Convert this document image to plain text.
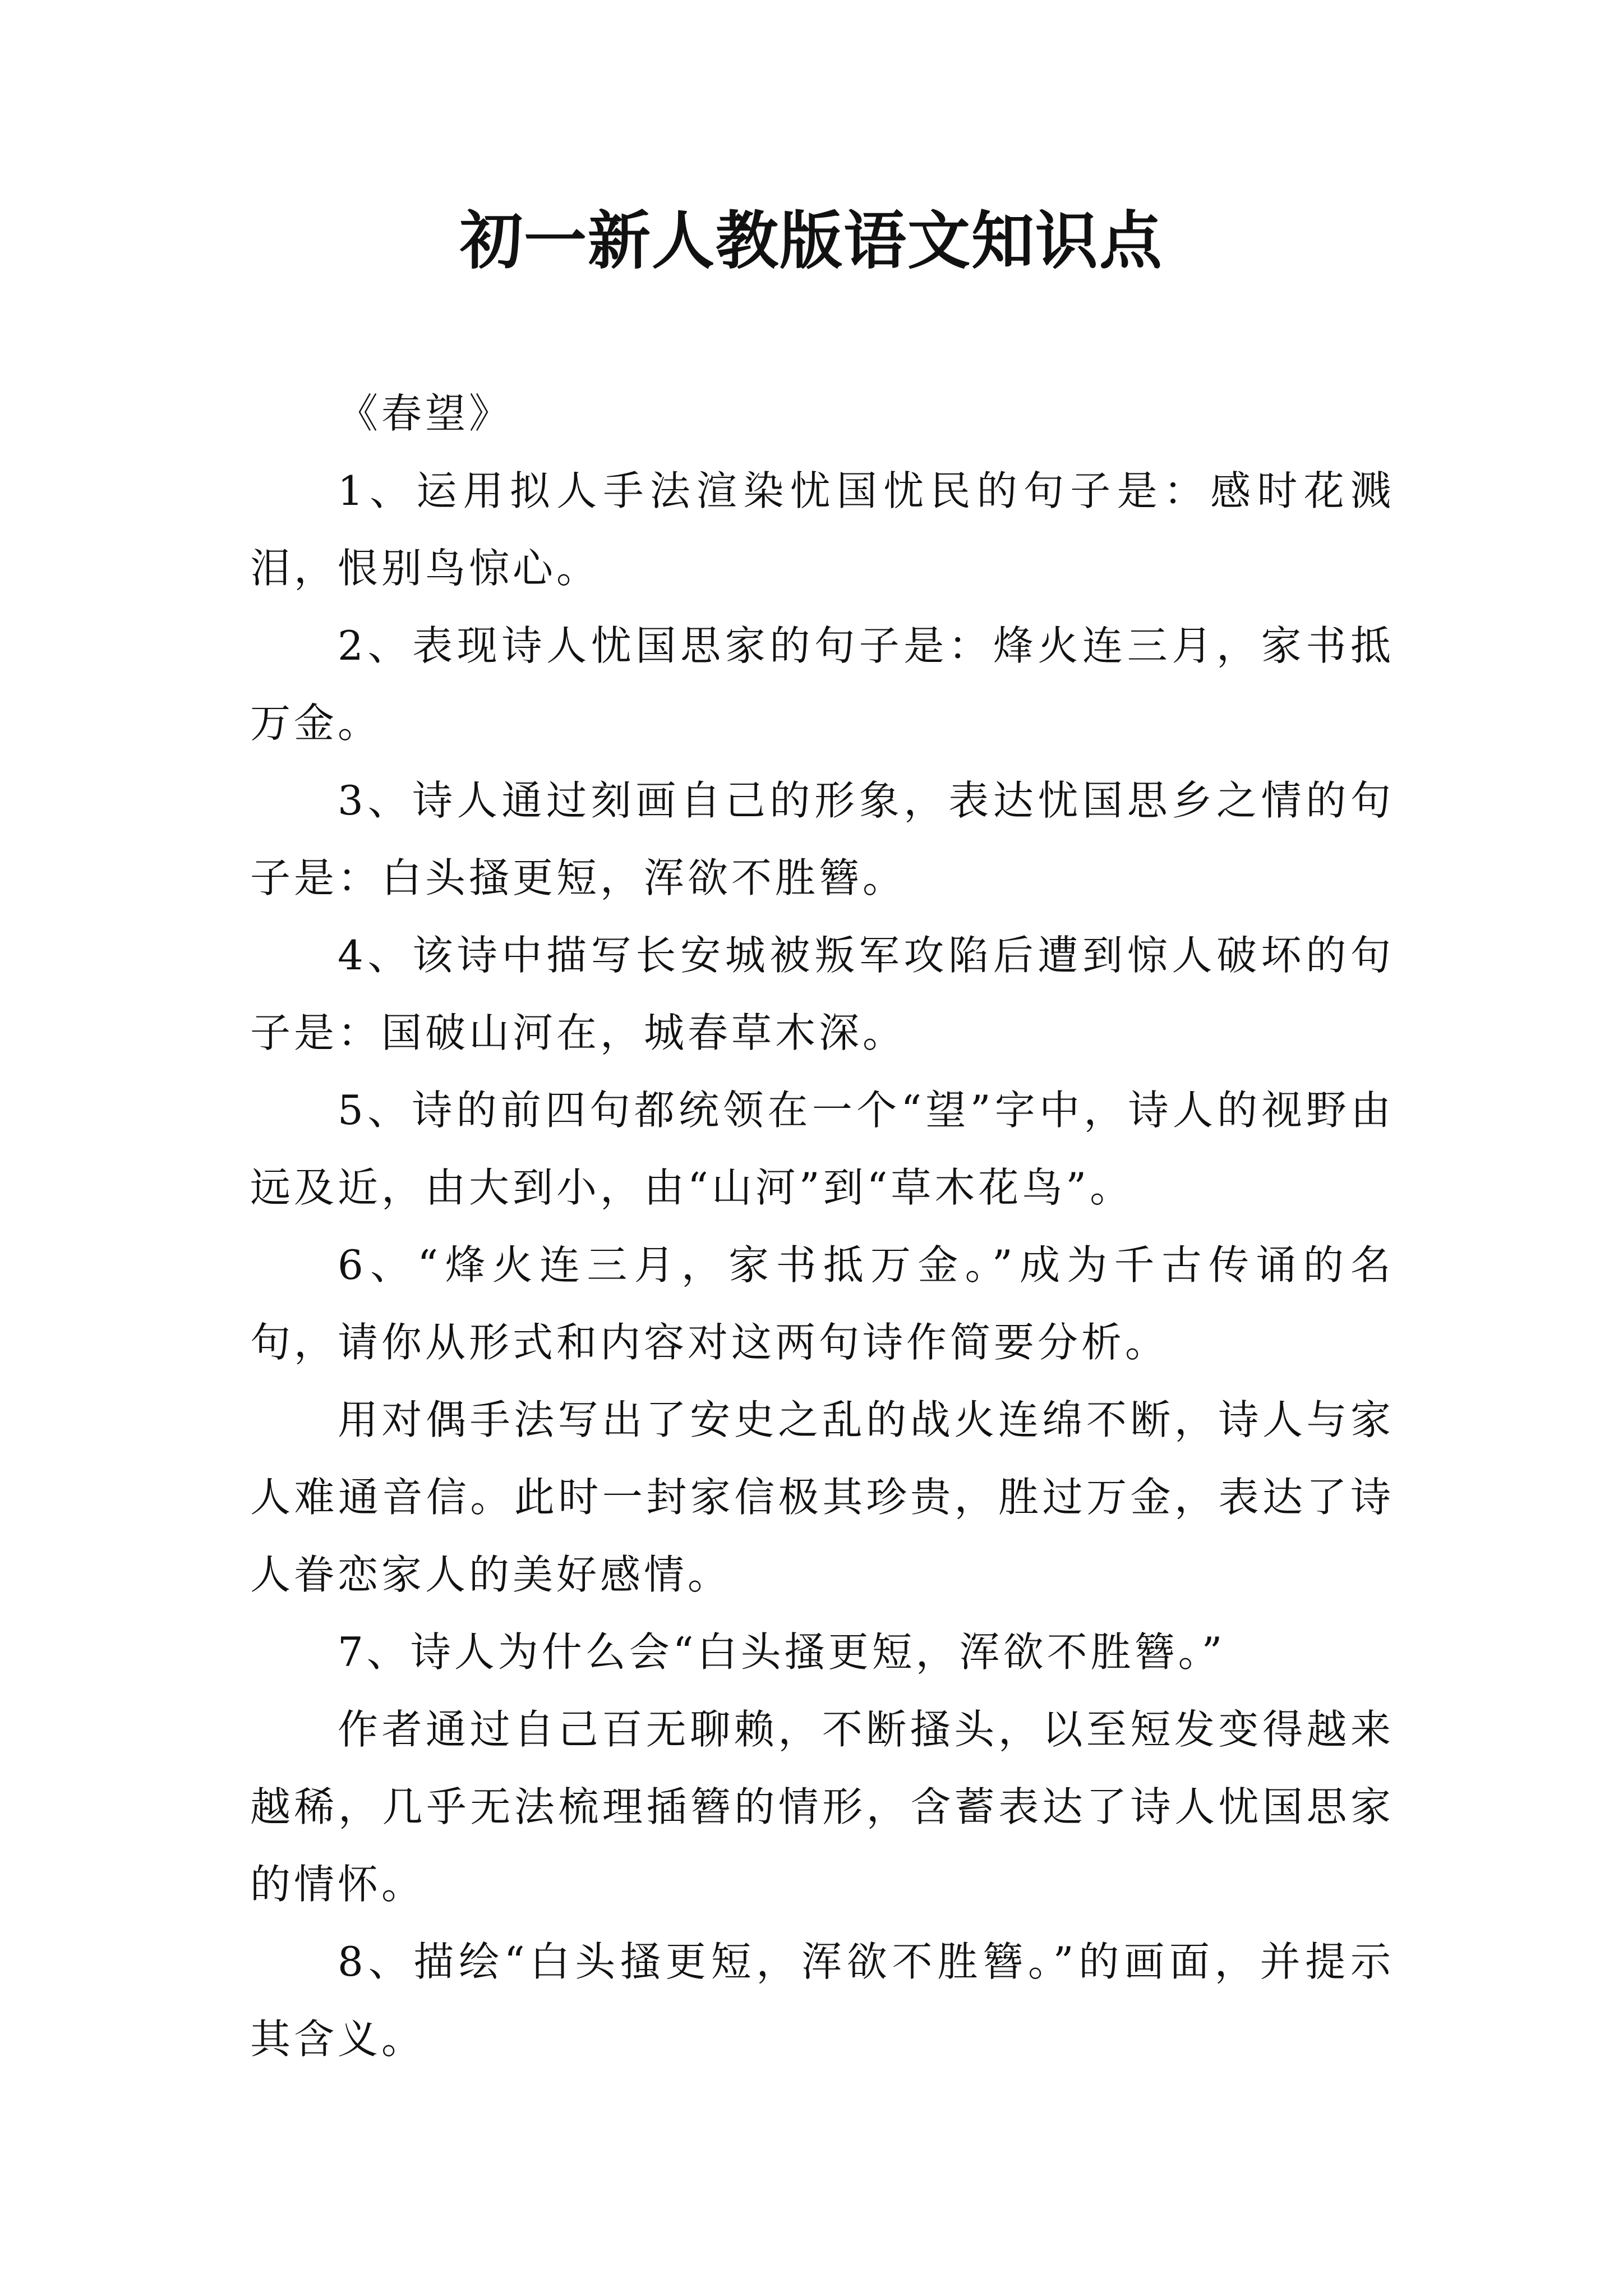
初一新人教版语文知识点

《春望》

1、运用拟人手法渲染忧国忧民的句子是：感时花溅泪，恨别鸟惊心。

2、表现诗人忧国思家的句子是：烽火连三月，家书抵万金。

3、诗人通过刻画自己的形象，表达忧国思乡之情的句子是：白头搔更短，浑欲不胜簪。

4、该诗中描写长安城被叛军攻陷后遭到惊人破坏的句子是：国破山河在，城春草木深。

5、诗的前四句都统领在一个“望”字中，诗人的视野由远及近，由大到小，由“山河”到“草木花鸟”。

6、“烽火连三月，家书抵万金。”成为千古传诵的名句，请你从形式和内容对这两句诗作简要分析。

用对偶手法写出了安史之乱的战火连绵不断，诗人与家人难通音信。此时一封家信极其珍贵，胜过万金，表达了诗人眷恋家人的美好感情。

7、诗人为什么会“白头搔更短，浑欲不胜簪。”

作者通过自己百无聊赖，不断搔头，以至短发变得越来越稀，几乎无法梳理插簪的情形，含蓄表达了诗人忧国思家的情怀。

8、描绘“白头搔更短，浑欲不胜簪。”的画面，并提示其含义。
